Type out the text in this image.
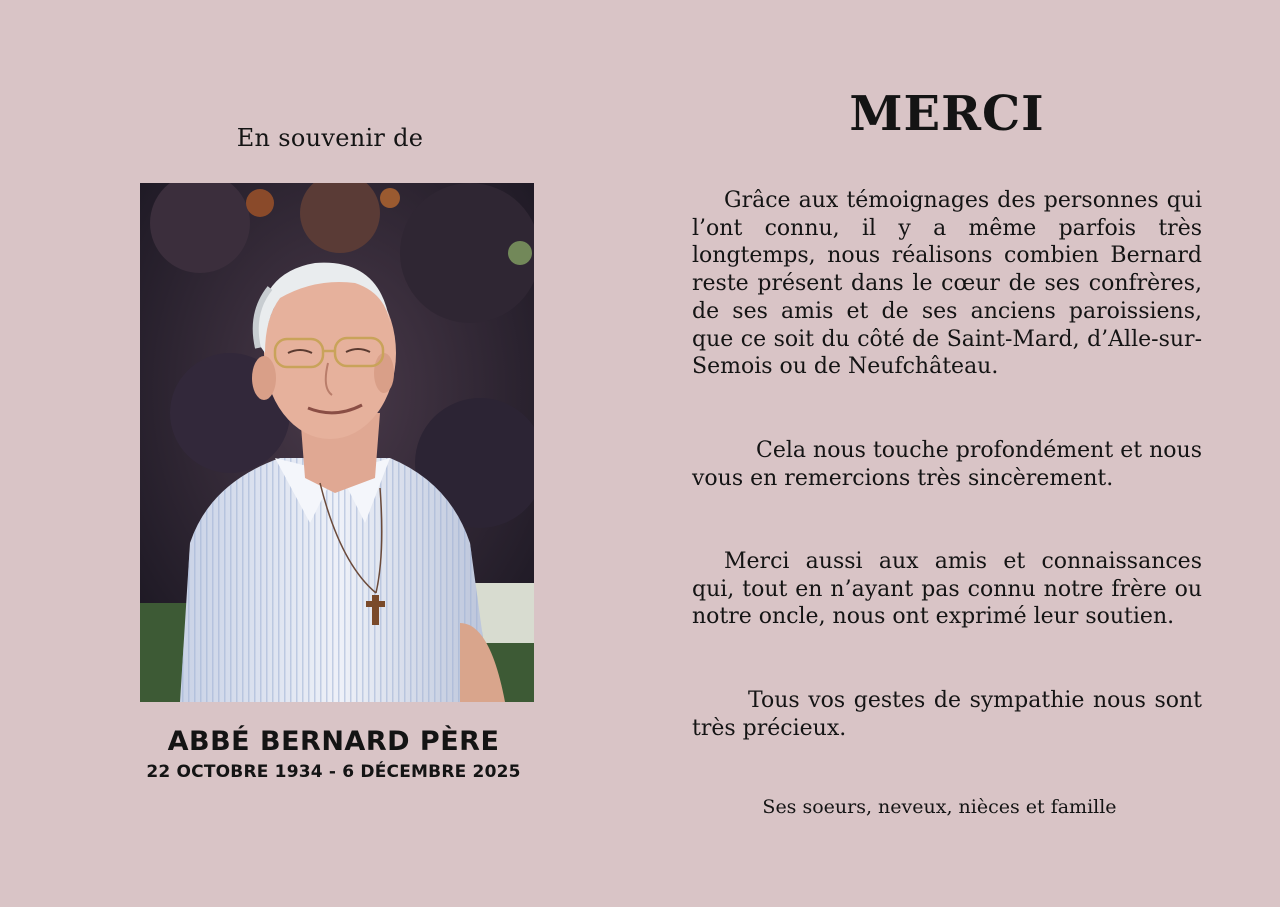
En souvenir de
ABBÉ BERNARD PÈRE
22 OCTOBRE 1934 - 6 DÉCEMBRE 2025
MERCI

Grâce aux témoignages des personnes qui l’ont connu, il y a même parfois très longtemps, nous réalisons combien Bernard reste présent dans le cœur de ses confrères, de ses amis et de ses anciens paroissiens, que ce soit du côté de Saint-Mard, d’Alle-sur-Semois ou de Neufchâteau.

Cela nous touche profondément et nous vous en remercions très sincèrement.

Merci aussi aux amis et connaissances qui, tout en n’ayant pas connu notre frère ou notre oncle, nous ont exprimé leur soutien.

Tous vos gestes de sympathie nous sont très précieux.

Ses soeurs, neveux, nièces et famille
